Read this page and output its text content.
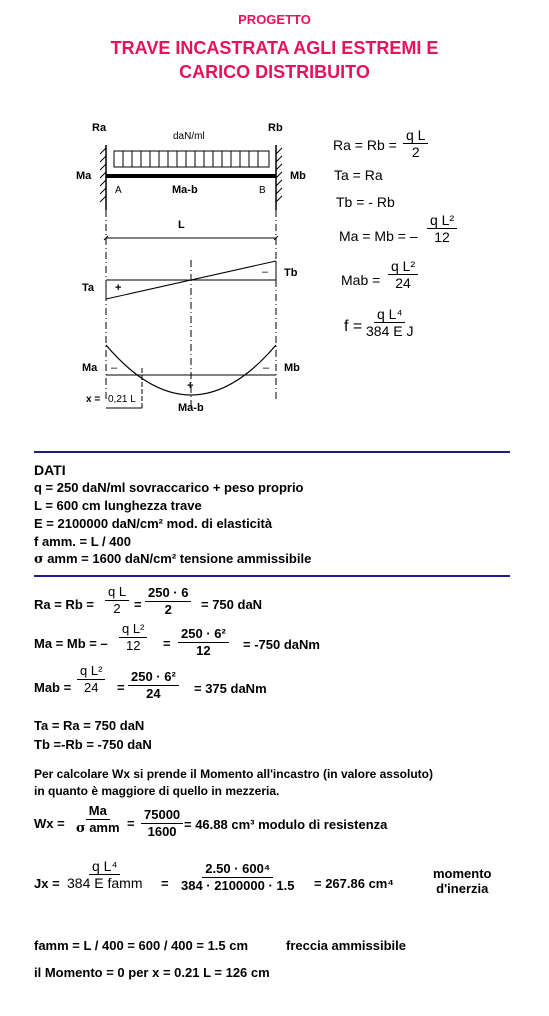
PROGETTO
TRAVE INCASTRATA AGLI ESTREMI E
CARICO DISTRIBUITO
Ra	Rb
daN/ml
Ma	Mb
A	B
Ma-b
L
Ta
Tb
+
–
Ma	Mb
–	–
+
x = 0,21 L
Ma-b
$Ra = Rb = \frac{\text{q L}}{2}$
Ta = Ra
Tb = - Rb
Ma = Mb = – $\frac{\text{q L²}}{12}$
Mab = $\frac{\text{q L²}}{24}$
$f = \frac{\text{q L⁴}}{\text{384 E J}}$
DATI
q = 250 daN/ml sovraccarico + peso proprio
L = 600 cm lunghezza trave
E = 2100000 daN/cm² mod. di elasticità
f amm. = L / 400
σ amm = 1600 daN/cm² tensione ammissibile
$Ra = Rb = \frac{\text{q L}}{2} = \frac{250 \cdot 6}{2} = 750$ daN
Ma = Mb = – $\frac{\text{q L²}}{12} = \frac{\text{250 · 6²}}{12} = -750$ daNm
Mab = $\frac{\text{q L²}}{24} = \frac{\text{250 · 6²}}{24} = 375$ daNm
Ta = Ra = 750 daN
Tb =-Rb = -750 daN
Per calcolare Wx si prende il Momento all'incastro (in valore assoluto)
in quanto è maggiore di quello in mezzeria.
Wx =
Ma
σ amm = $\frac{75000}{1600} = 46.88$ cm³ modulo di resistenza
Jx =
q L⁴
384 E famm = $\frac{\text{2.50 · 600⁴}}{384 \cdot 2100000 \cdot 1.5} = 267.86$ cm⁴
momento
d'inerzia
famm = L / 400 = 600 / 400 = 1.5 cm	freccia ammissibile
il Momento = 0 per x = 0.21 L = 126 cm
